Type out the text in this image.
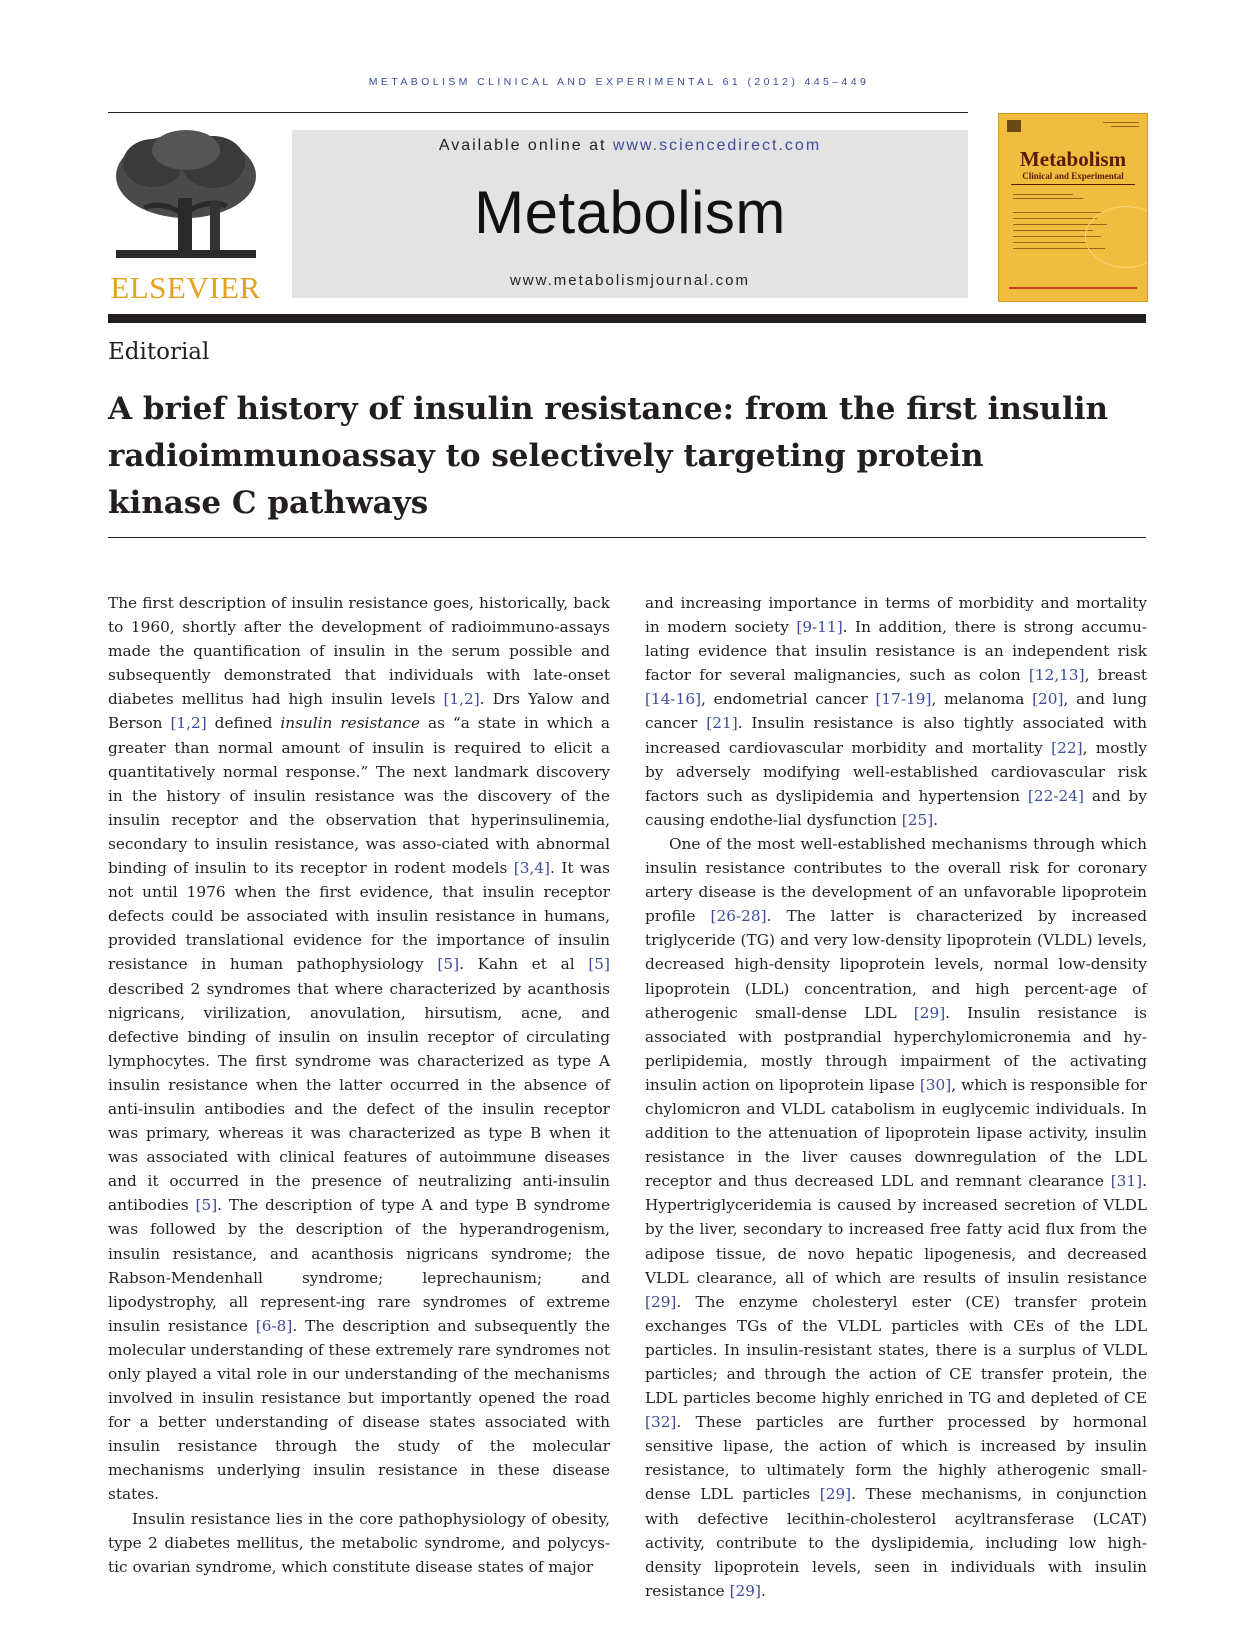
METABOLISM CLINICAL AND EXPERIMENTAL 61 (2012) 445–449
ELSEVIER
Available online at www.sciencedirect.com
Metabolism
www.metabolismjournal.com
Metabolism
Clinical and Experimental
Editorial
A brief history of insulin resistance: from the first insulin
radioimmunoassay to selectively targeting protein
kinase C pathways

The first description of insulin resistance goes, historically, back to 1960, shortly after the development of radioimmuno-assays made the quantification of insulin in the serum possible and subsequently demonstrated that individuals with late-onset diabetes mellitus had high insulin levels [1,2]. Drs Yalow and Berson [1,2] defined insulin resistance as “a state in which a greater than normal amount of insulin is required to elicit a quantitatively normal response.” The next landmark discovery in the history of insulin resistance was the discovery of the insulin receptor and the observation that hyperinsulinemia, secondary to insulin resistance, was asso-ciated with abnormal binding of insulin to its receptor in rodent models [3,4]. It was not until 1976 when the first evidence, that insulin receptor defects could be associated with insulin resistance in humans, provided translational evidence for the importance of insulin resistance in human pathophysiology [5]. Kahn et al [5] described 2 syndromes that where characterized by acanthosis nigricans, virilization, anovulation, hirsutism, acne, and defective binding of insulin on insulin receptor of circulating lymphocytes. The first syndrome was characterized as type A insulin resistance when the latter occurred in the absence of anti-insulin antibodies and the defect of the insulin receptor was primary, whereas it was characterized as type B when it was associated with clinical features of autoimmune diseases and it occurred in the presence of neutralizing anti-insulin antibodies [5]. The description of type A and type B syndrome was followed by the description of the hyperandrogenism, insulin resistance, and acanthosis nigricans syndrome; the Rabson-Mendenhall syndrome; leprechaunism; and lipodystrophy, all represent-ing rare syndromes of extreme insulin resistance [6-8]. The description and subsequently the molecular understanding of these extremely rare syndromes not only played a vital role in our understanding of the mechanisms involved in insulin resistance but importantly opened the road for a better understanding of disease states associated with insulin resistance through the study of the molecular mechanisms underlying insulin resistance in these disease states.

Insulin resistance lies in the core pathophysiology of obesity, type 2 diabetes mellitus, the metabolic syndrome, and polycys-tic ovarian syndrome, which constitute disease states of major

and increasing importance in terms of morbidity and mortality in modern society [9-11]. In addition, there is strong accumu-lating evidence that insulin resistance is an independent risk factor for several malignancies, such as colon [12,13], breast [14-16], endometrial cancer [17-19], melanoma [20], and lung cancer [21]. Insulin resistance is also tightly associated with increased cardiovascular morbidity and mortality [22], mostly by adversely modifying well-established cardiovascular risk factors such as dyslipidemia and hypertension [22-24] and by causing endothe-lial dysfunction [25].

One of the most well-established mechanisms through which insulin resistance contributes to the overall risk for coronary artery disease is the development of an unfavorable lipoprotein profile [26-28]. The latter is characterized by increased triglyceride (TG) and very low-density lipoprotein (VLDL) levels, decreased high-density lipoprotein levels, normal low-density lipoprotein (LDL) concentration, and high percent-age of atherogenic small-dense LDL [29]. Insulin resistance is associated with postprandial hyperchylomicronemia and hy-perlipidemia, mostly through impairment of the activating insulin action on lipoprotein lipase [30], which is responsible for chylomicron and VLDL catabolism in euglycemic individuals. In addition to the attenuation of lipoprotein lipase activity, insulin resistance in the liver causes downregulation of the LDL receptor and thus decreased LDL and remnant clearance [31]. Hypertriglyceridemia is caused by increased secretion of VLDL by the liver, secondary to increased free fatty acid flux from the adipose tissue, de novo hepatic lipogenesis, and decreased VLDL clearance, all of which are results of insulin resistance [29]. The enzyme cholesteryl ester (CE) transfer protein exchanges TGs of the VLDL particles with CEs of the LDL particles. In insulin-resistant states, there is a surplus of VLDL particles; and through the action of CE transfer protein, the LDL particles become highly enriched in TG and depleted of CE [32]. These particles are further processed by hormonal sensitive lipase, the action of which is increased by insulin resistance, to ultimately form the highly atherogenic small-dense LDL particles [29]. These mechanisms, in conjunction with defective lecithin-cholesterol acyltransferase (LCAT) activity, contribute to the dyslipidemia, including low high-density lipoprotein levels, seen in individuals with insulin resistance [29].
